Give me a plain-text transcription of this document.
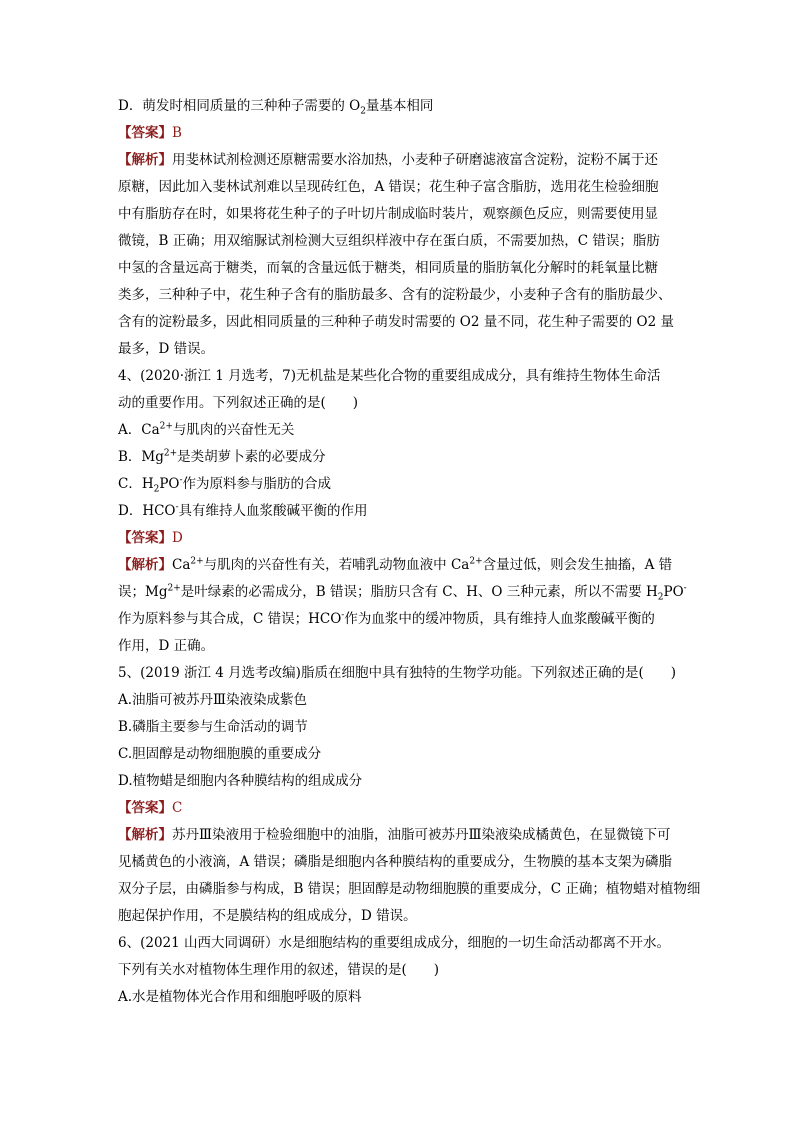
D．萌发时相同质量的三种种子需要的 $O_2$量基本相同
【答案】B
【解析】用斐林试剂检测还原糖需要水浴加热，小麦种子研磨滤液富含淀粉，淀粉不属于还
原糖，因此加入斐林试剂难以呈现砖红色，A 错误；花生种子富含脂肪，选用花生检验细胞
中有脂肪存在时，如果将花生种子的子叶切片制成临时装片，观察颜色反应，则需要使用显
微镜，B 正确；用双缩脲试剂检测大豆组织样液中存在蛋白质，不需要加热，C 错误；脂肪
中氢的含量远高于糖类，而氧的含量远低于糖类，相同质量的脂肪氧化分解时的耗氧量比糖
类多，三种种子中，花生种子含有的脂肪最多、含有的淀粉最少，小麦种子含有的脂肪最少、
含有的淀粉最多，因此相同质量的三种种子萌发时需要的 O2 量不同，花生种子需要的 O2 量
最多，D 错误。
4、(2020·浙江 1 月选考，7)无机盐是某些化合物的重要组成成分，具有维持生物体生命活
动的重要作用。下列叙述正确的是(　　)
A．$Ca^{2+}$与肌肉的兴奋性无关
B．$Mg^{2+}$是类胡萝卜素的必要成分
C．$H_2PO^-$作为原料参与脂肪的合成
D．HCO-具有维持人血浆酸碱平衡的作用
【答案】D
【解析】$Ca^{2+}$与肌肉的兴奋性有关，若哺乳动物血液中 $Ca^{2+}$含量过低，则会发生抽搐，A 错
误；$Mg^{2+}$是叶绿素的必需成分，B 错误；脂肪只含有 C、H、O 三种元素，所以不需要 $H_2PO^-$
作为原料参与其合成，C 错误；HCO-作为血浆中的缓冲物质，具有维持人血浆酸碱平衡的
作用，D 正确。
5、(2019 浙江 4 月选考改编)脂质在细胞中具有独特的生物学功能。下列叙述正确的是(　　)
A.油脂可被苏丹Ⅲ染液染成紫色
B.磷脂主要参与生命活动的调节
C.胆固醇是动物细胞膜的重要成分
D.植物蜡是细胞内各种膜结构的组成成分
【答案】C
【解析】苏丹Ⅲ染液用于检验细胞中的油脂，油脂可被苏丹Ⅲ染液染成橘黄色，在显微镜下可
见橘黄色的小液滴，A 错误；磷脂是细胞内各种膜结构的重要成分，生物膜的基本支架为磷脂
双分子层，由磷脂参与构成，B 错误；胆固醇是动物细胞膜的重要成分，C 正确；植物蜡对植物细
胞起保护作用，不是膜结构的组成成分，D 错误。
6、(2021 山西大同调研）水是细胞结构的重要组成成分，细胞的一切生命活动都离不开水。
下列有关水对植物体生理作用的叙述，错误的是(　　)
A.水是植物体光合作用和细胞呼吸的原料
